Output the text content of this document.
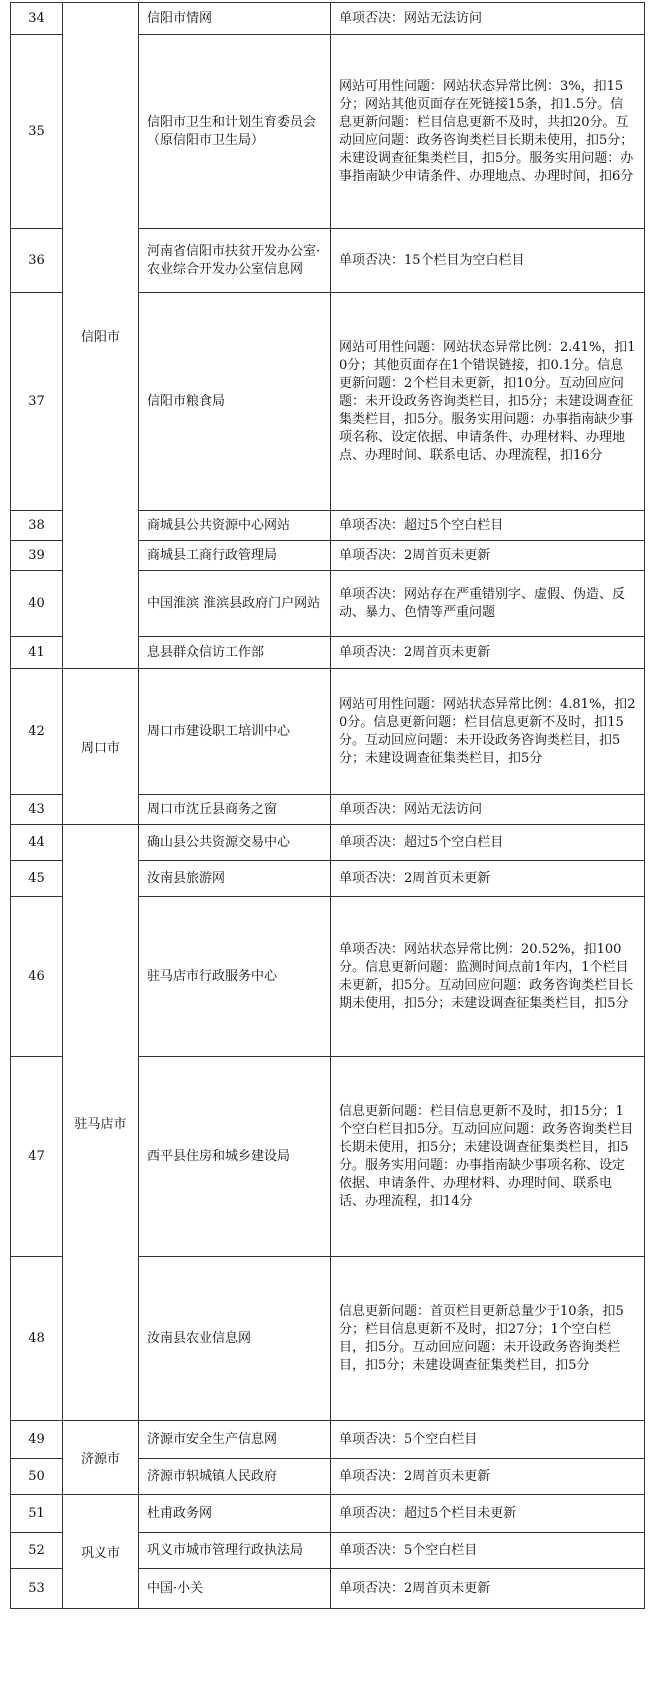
34	信阳市	信阳市情网	单项否决：网站无法访问
35		信阳市卫生和计划生育委员会（原信阳市卫生局）	网站可用性问题：网站状态异常比例：3%，扣15分；网站其他页面存在死链接15条，扣1.5分。信息更新问题：栏目信息更新不及时，共扣20分。互动回应问题：政务咨询类栏目长期未使用，扣5分；未建设调查征集类栏目，扣5分。服务实用问题：办事指南缺少申请条件、办理地点、办理时间，扣6分
36		河南省信阳市扶贫开发办公室·农业综合开发办公室信息网	单项否决：15个栏目为空白栏目
37		信阳市粮食局	网站可用性问题：网站状态异常比例：2.41%，扣10分；其他页面存在1个错误链接，扣0.1分。信息更新问题：2个栏目未更新，扣10分。互动回应问题：未开设政务咨询类栏目，扣5分；未建设调查征集类栏目，扣5分。服务实用问题：办事指南缺少事项名称、设定依据、申请条件、办理材料、办理地点、办理时间、联系电话、办理流程，扣16分
38		商城县公共资源中心网站	单项否决：超过5个空白栏目
39		商城县工商行政管理局	单项否决：2周首页未更新
40		中国淮滨 淮滨县政府门户网站	单项否决：网站存在严重错别字、虚假、伪造、反动、暴力、色情等严重问题
41		息县群众信访工作部	单项否决：2周首页未更新
42	周口市	周口市建设职工培训中心	网站可用性问题：网站状态异常比例：4.81%，扣20分。信息更新问题：栏目信息更新不及时，扣15分。互动回应问题：未开设政务咨询类栏目，扣5分；未建设调查征集类栏目，扣5分
43		周口市沈丘县商务之窗	单项否决：网站无法访问
44	驻马店市	确山县公共资源交易中心	单项否决：超过5个空白栏目
45		汝南县旅游网	单项否决：2周首页未更新
46		驻马店市行政服务中心	单项否决：网站状态异常比例：20.52%，扣100分。信息更新问题：监测时间点前1年内，1个栏目未更新，扣5分。互动回应问题：政务咨询类栏目长期未使用，扣5分；未建设调查征集类栏目，扣5分
47		西平县住房和城乡建设局	信息更新问题：栏目信息更新不及时，扣15分；1个空白栏目扣5分。互动回应问题：政务咨询类栏目长期未使用，扣5分；未建设调查征集类栏目，扣5分。服务实用问题：办事指南缺少事项名称、设定依据、申请条件、办理材料、办理时间、联系电话、办理流程，扣14分
48		汝南县农业信息网	信息更新问题：首页栏目更新总量少于10条，扣5分；栏目信息更新不及时，扣27分；1个空白栏目，扣5分。互动回应问题：未开设政务咨询类栏目，扣5分；未建设调查征集类栏目，扣5分
49	济源市	济源市安全生产信息网	单项否决：5个空白栏目
50		济源市轵城镇人民政府	单项否决：2周首页未更新
51	巩义市	杜甫政务网	单项否决：超过5个栏目未更新
52		巩义市城市管理行政执法局	单项否决：5个空白栏目
53		中国·小关	单项否决：2周首页未更新
